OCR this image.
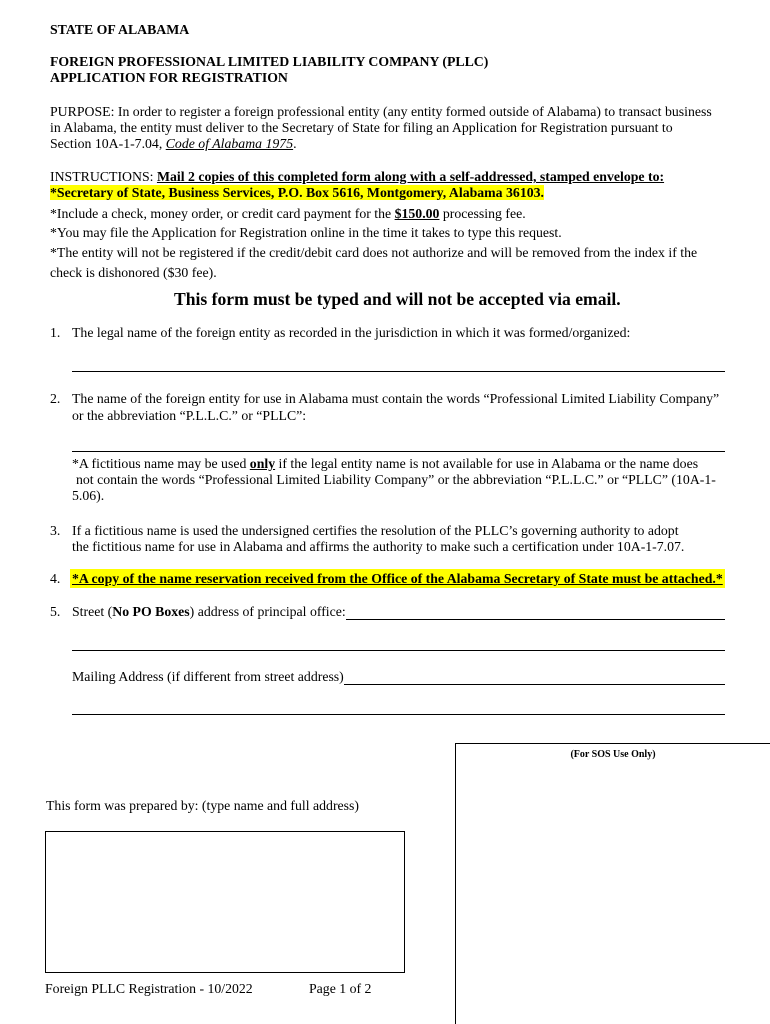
STATE OF ALABAMA
FOREIGN PROFESSIONAL LIMITED LIABILITY COMPANY (PLLC)
APPLICATION FOR REGISTRATION
PURPOSE: In order to register a foreign professional entity (any entity formed outside of Alabama) to transact business
in Alabama, the entity must deliver to the Secretary of State for filing an Application for Registration pursuant to
Section 10A-1-7.04, Code of Alabama 1975.
INSTRUCTIONS: Mail 2 copies of this completed form along with a self-addressed, stamped envelope to:
*Secretary of State, Business Services, P.O. Box 5616, Montgomery, Alabama 36103.
*Include a check, money order, or credit card payment for the $150.00 processing fee.
*You may file the Application for Registration online in the time it takes to type this request.
*The entity will not be registered if the credit/debit card does not authorize and will be removed from the index if the
check is dishonored ($30 fee).
This form must be typed and will not be accepted via email.
1. The legal name of the foreign entity as recorded in the jurisdiction in which it was formed/organized:
2. The name of the foreign entity for use in Alabama must contain the words “Professional Limited Liability Company”
or the abbreviation “P.L.L.C.” or “PLLC”:
*A fictitious name may be used only if the legal entity name is not available for use in Alabama or the name does
not contain the words “Professional Limited Liability Company” or the abbreviation “P.L.L.C.” or “PLLC” (10A-1-
5.06).
3. If a fictitious name is used the undersigned certifies the resolution of the PLLC’s governing authority to adopt
the fictitious name for use in Alabama and affirms the authority to make such a certification under 10A-1-7.07.
4. *A copy of the name reservation received from the Office of the Alabama Secretary of State must be attached.*
5. Street (No PO Boxes) address of principal office:
Mailing Address (if different from street address)
(For SOS Use Only)
This form was prepared by: (type name and full address)
Foreign PLLC Registration - 10/2022	Page 1 of 2
